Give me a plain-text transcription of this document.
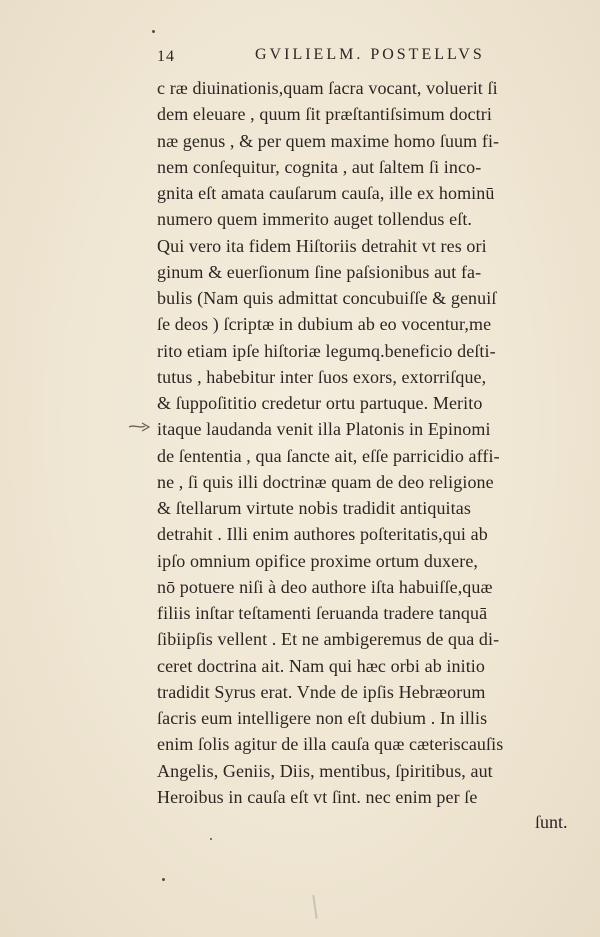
14	GVILIELM. POSTELLVS
c ræ diuinationis,quam ſacra vocant, voluerit ſi
dem eleuare , quum ſit præſtantiſsimum doctri
næ genus , & per quem maxime homo ſuum fi-
nem conſequitur, cognita , aut ſaltem ſi inco-
gnita eſt amata cauſarum cauſa, ille ex hominū
numero quem immerito auget tollendus eſt.
Qui vero ita fidem Hiſtoriis detrahit vt res ori
ginum & euerſionum ſine paſsionibus aut fa-
bulis (Nam quis admittat concubuiſſe & genuiſ
ſe deos ) ſcriptæ in dubium ab eo vocentur,me
rito etiam ipſe hiſtoriæ legumq.beneficio deſti-
tutus , habebitur inter ſuos exors, extorriſque,
& ſuppoſititio credetur ortu partuque. Merito
itaque laudanda venit illa Platonis in Epinomi
de ſententia , qua ſancte ait, eſſe parricidio affi-
ne , ſi quis illi doctrinæ quam de deo religione
& ſtellarum virtute nobis tradidit antiquitas
detrahit . Illi enim authores poſteritatis,qui ab
ipſo omnium opifice proxime ortum duxere,
nō potuere niſi à deo authore iſta habuiſſe,quæ
filiis inſtar teſtamenti ſeruanda tradere tanquā
ſibiipſis vellent . Et ne ambigeremus de qua di-
ceret doctrina ait. Nam qui hæc orbi ab initio
tradidit Syrus erat. Vnde de ipſis Hebræorum
ſacris eum intelligere non eſt dubium . In illis
enim ſolis agitur de illa cauſa quæ cæteriscauſis
Angelis, Geniis, Diis, mentibus, ſpiritibus, aut
Heroibus in cauſa eſt vt ſint. nec enim per ſe
ſunt.
